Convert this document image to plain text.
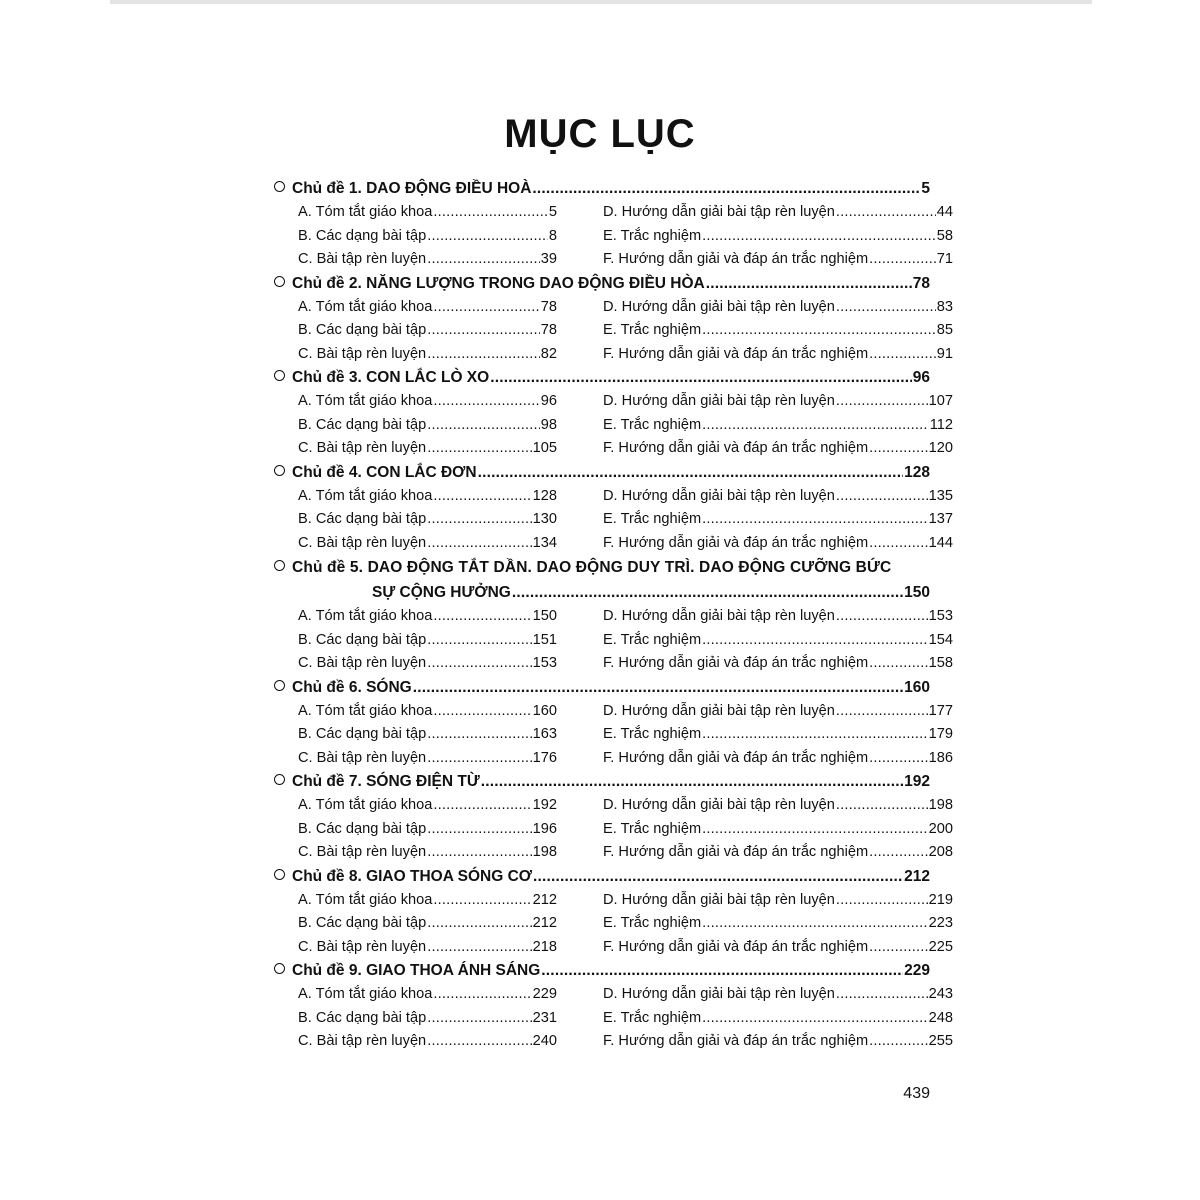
MỤC LỤC
Chủ đề 1. DAO ĐỘNG ĐIỀU HOÀ .....	5
A. Tóm tắt giáo khoa .....	5	D. Hướng dẫn giải bài tập rèn luyện .....	44
B. Các dạng bài tập .....	8	E. Trắc nghiệm .....	58
C. Bài tập rèn luyện .....	39	F. Hướng dẫn giải và đáp án trắc nghiệm .....	71
Chủ đề 2. NĂNG LƯỢNG TRONG DAO ĐỘNG ĐIỀU HÒA .....	78
A. Tóm tắt giáo khoa .....	78	D. Hướng dẫn giải bài tập rèn luyện .....	83
B. Các dạng bài tập .....	78	E. Trắc nghiệm .....	85
C. Bài tập rèn luyện .....	82	F. Hướng dẫn giải và đáp án trắc nghiệm .....	91
Chủ đề 3. CON LẮC LÒ XO .....	96
A. Tóm tắt giáo khoa .....	96	D. Hướng dẫn giải bài tập rèn luyện .....	107
B. Các dạng bài tập .....	98	E. Trắc nghiệm .....	112
C. Bài tập rèn luyện .....	105	F. Hướng dẫn giải và đáp án trắc nghiệm .....	120
Chủ đề 4. CON LẮC ĐƠN .....	128
A. Tóm tắt giáo khoa .....	128	D. Hướng dẫn giải bài tập rèn luyện .....	135
B. Các dạng bài tập .....	130	E. Trắc nghiệm .....	137
C. Bài tập rèn luyện .....	134	F. Hướng dẫn giải và đáp án trắc nghiệm .....	144
Chủ đề 5. DAO ĐỘNG TẮT DẦN. DAO ĐỘNG DUY TRÌ. DAO ĐỘNG CƯỠNG BỨC
SỰ CỘNG HƯỞNG .....	150
A. Tóm tắt giáo khoa .....	150	D. Hướng dẫn giải bài tập rèn luyện .....	153
B. Các dạng bài tập .....	151	E. Trắc nghiệm .....	154
C. Bài tập rèn luyện .....	153	F. Hướng dẫn giải và đáp án trắc nghiệm .....	158
Chủ đề 6. SÓNG .....	160
A. Tóm tắt giáo khoa .....	160	D. Hướng dẫn giải bài tập rèn luyện .....	177
B. Các dạng bài tập .....	163	E. Trắc nghiệm .....	179
C. Bài tập rèn luyện .....	176	F. Hướng dẫn giải và đáp án trắc nghiệm .....	186
Chủ đề 7. SÓNG ĐIỆN TỪ .....	192
A. Tóm tắt giáo khoa .....	192	D. Hướng dẫn giải bài tập rèn luyện .....	198
B. Các dạng bài tập .....	196	E. Trắc nghiệm .....	200
C. Bài tập rèn luyện .....	198	F. Hướng dẫn giải và đáp án trắc nghiệm .....	208
Chủ đề 8. GIAO THOA SÓNG CƠ .....	212
A. Tóm tắt giáo khoa .....	212	D. Hướng dẫn giải bài tập rèn luyện .....	219
B. Các dạng bài tập .....	212	E. Trắc nghiệm .....	223
C. Bài tập rèn luyện .....	218	F. Hướng dẫn giải và đáp án trắc nghiệm .....	225
Chủ đề 9. GIAO THOA ÁNH SÁNG .....	229
A. Tóm tắt giáo khoa .....	229	D. Hướng dẫn giải bài tập rèn luyện .....	243
B. Các dạng bài tập .....	231	E. Trắc nghiệm .....	248
C. Bài tập rèn luyện .....	240	F. Hướng dẫn giải và đáp án trắc nghiệm .....	255
439
